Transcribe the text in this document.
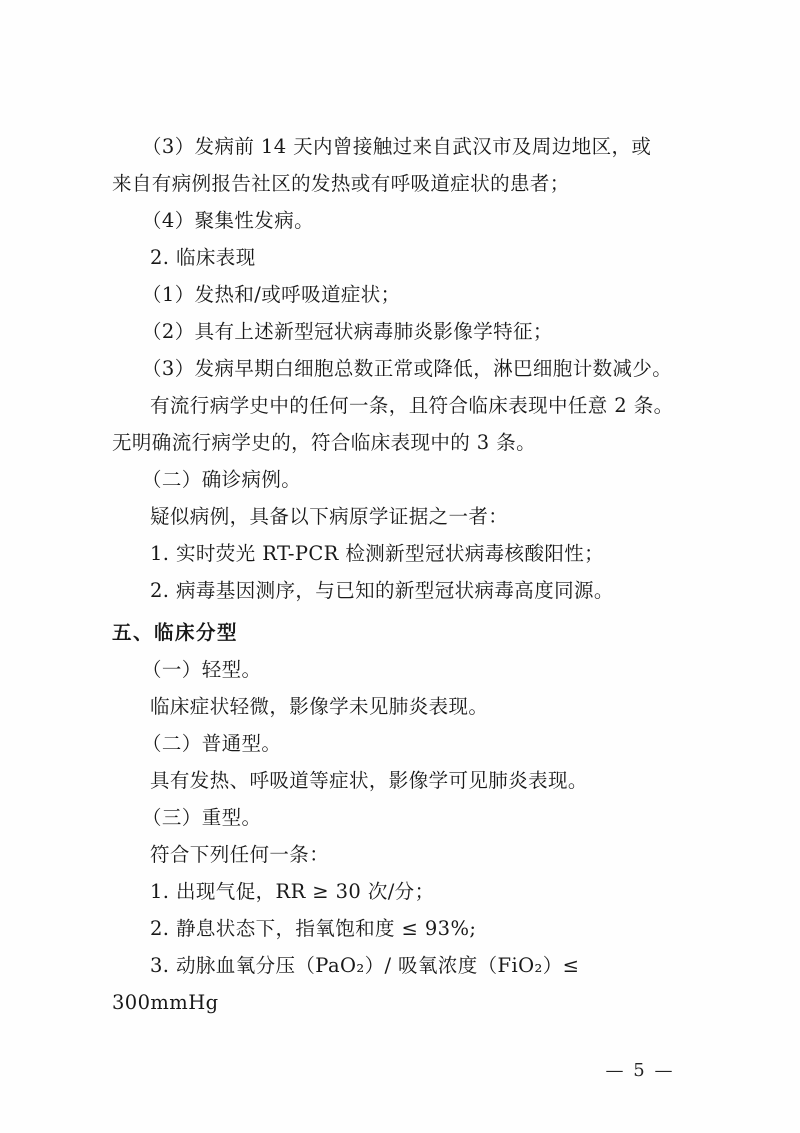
（3）发病前 14 天内曾接触过来自武汉市及周边地区，或
来自有病例报告社区的发热或有呼吸道症状的患者；
（4）聚集性发病。
2. 临床表现
（1）发热和/或呼吸道症状；
（2）具有上述新型冠状病毒肺炎影像学特征；
（3）发病早期白细胞总数正常或降低，淋巴细胞计数减少。
有流行病学史中的任何一条，且符合临床表现中任意 2 条。
无明确流行病学史的，符合临床表现中的 3 条。
（二）确诊病例。
疑似病例，具备以下病原学证据之一者：
1. 实时荧光 RT-PCR 检测新型冠状病毒核酸阳性；
2. 病毒基因测序，与已知的新型冠状病毒高度同源。
五、临床分型
（一）轻型。
临床症状轻微，影像学未见肺炎表现。
（二）普通型。
具有发热、呼吸道等症状，影像学可见肺炎表现。
（三）重型。
符合下列任何一条：
1. 出现气促，RR ≥ 30 次/分；
2. 静息状态下，指氧饱和度 ≤ 93%;
3. 动脉血氧分压（PaO₂）/ 吸氧浓度（FiO₂）≤ 300mmHg
— 5 —
